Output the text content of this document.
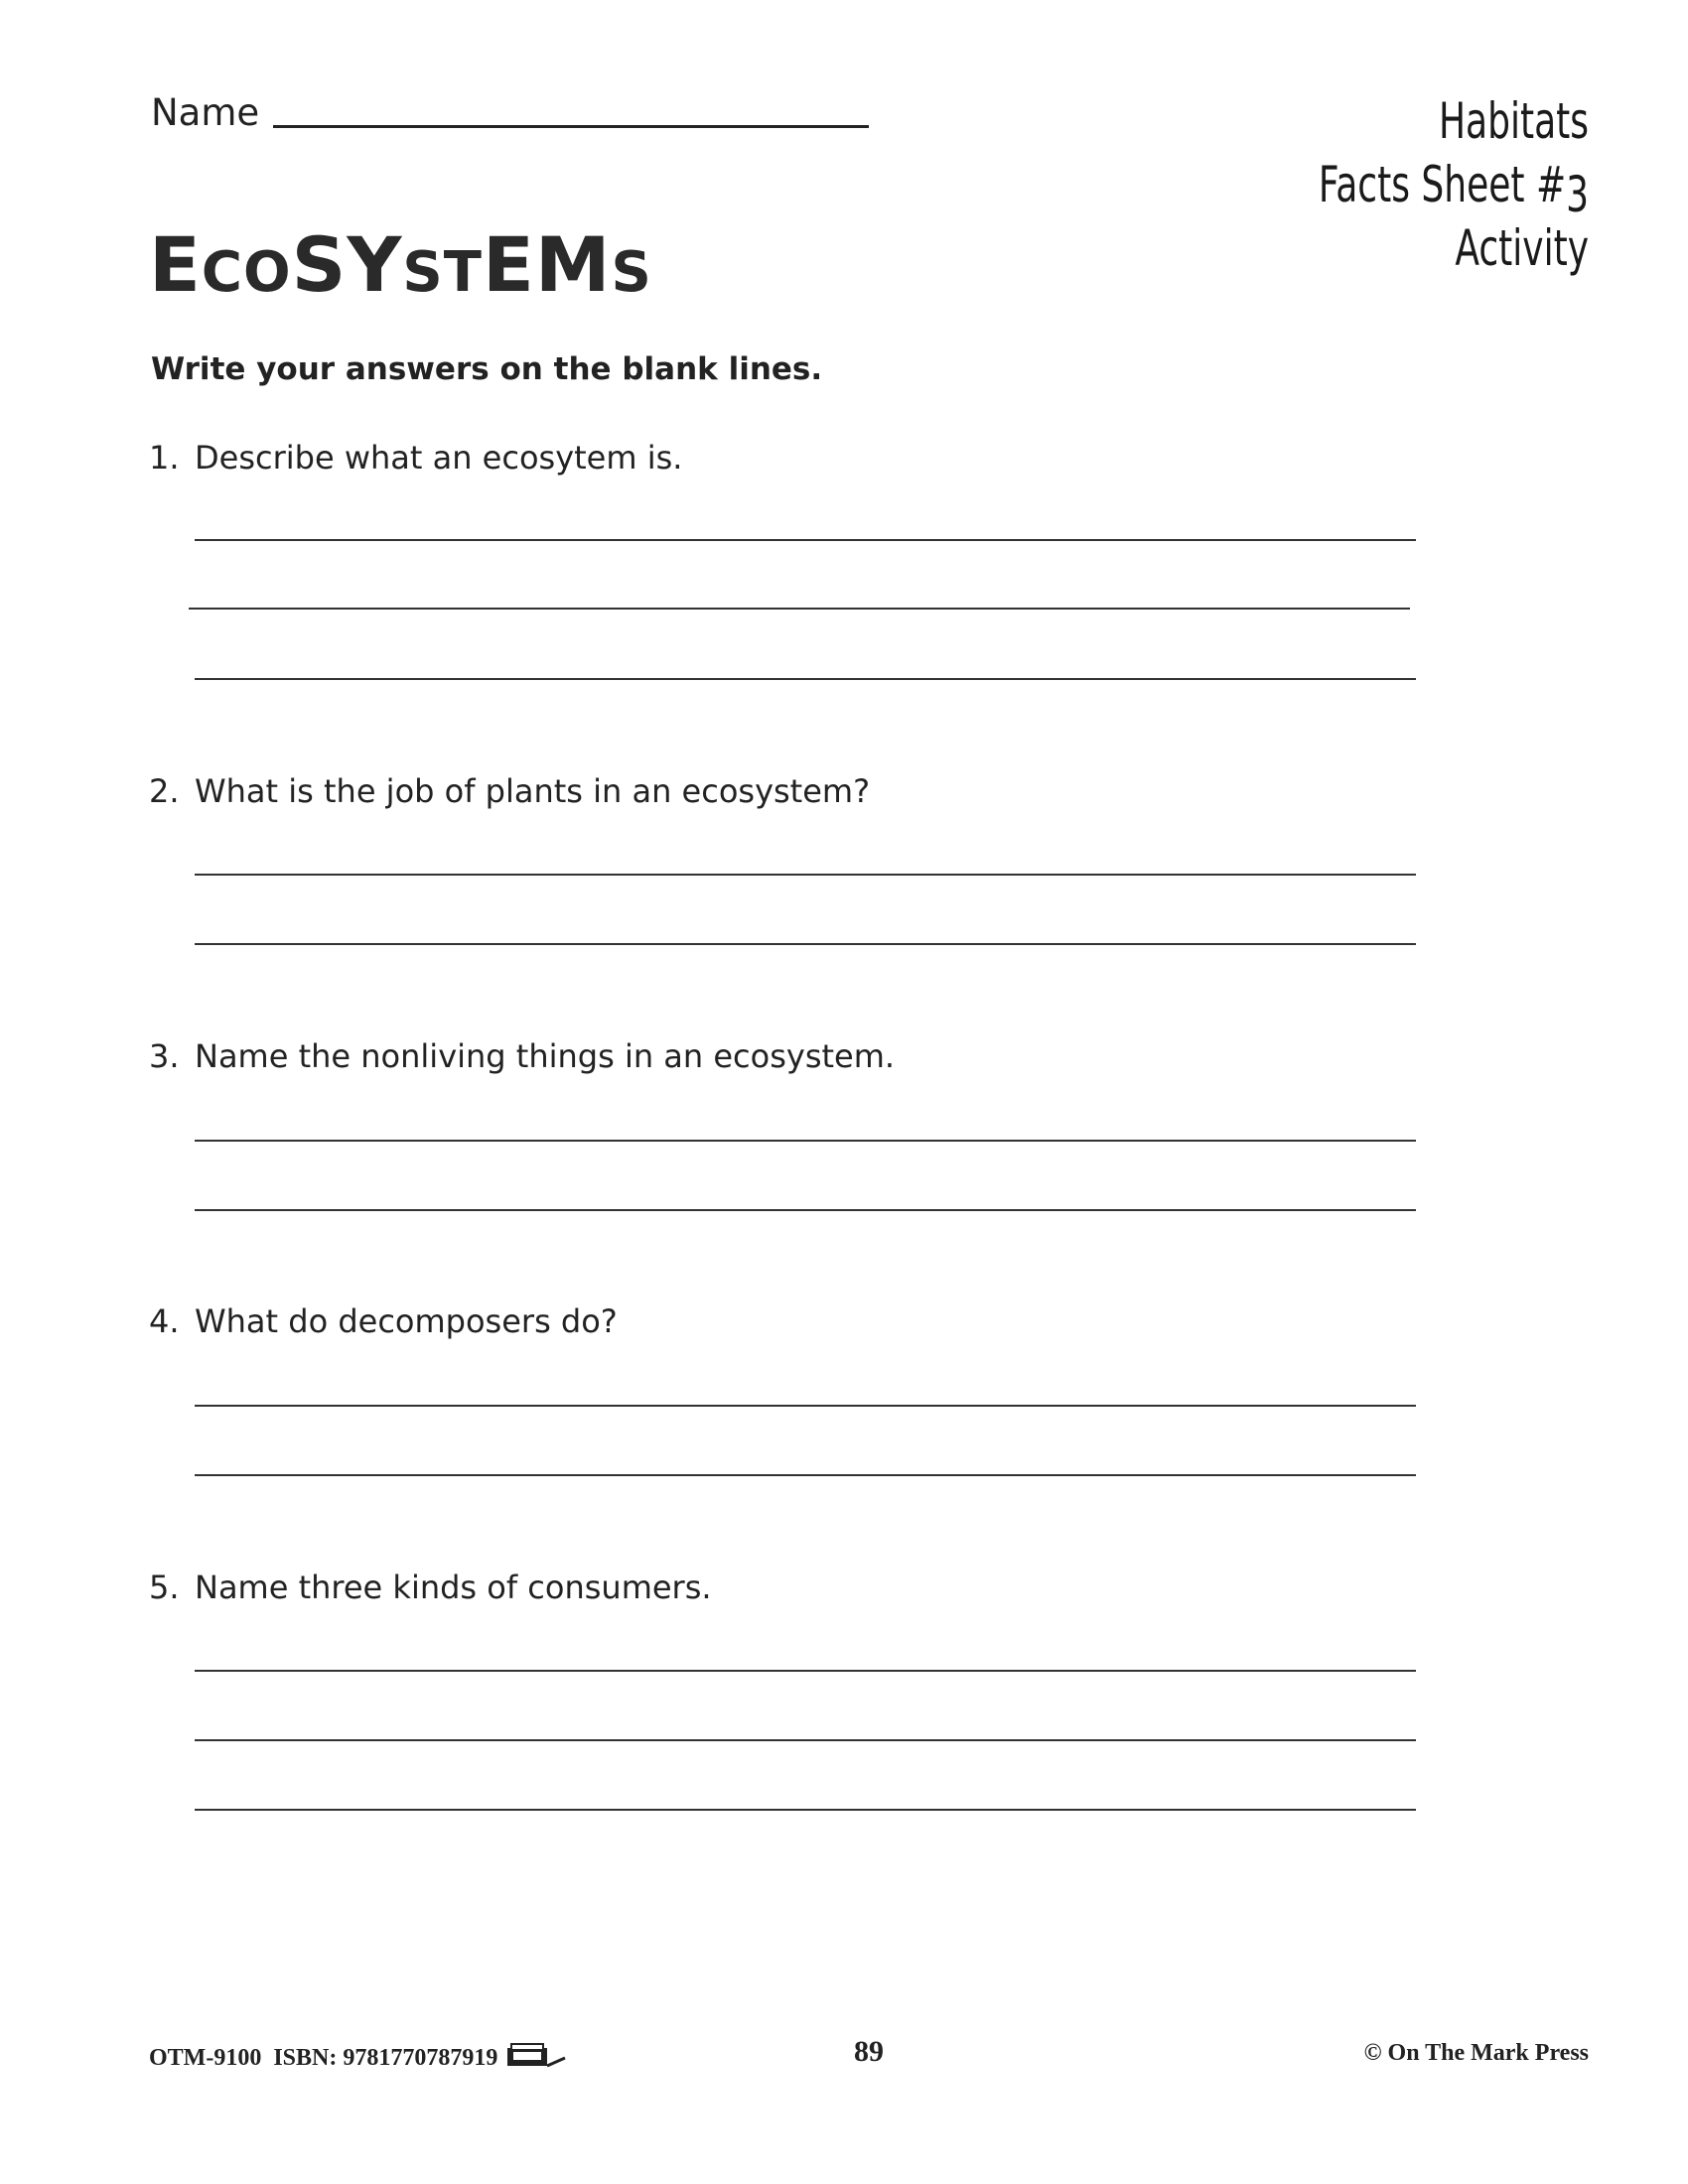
Name	Habitats
Facts Sheet #3
Activity
ECOSYSTEMS
Write your answers on the blank lines.
1. Describe what an ecosytem is.
2. What is the job of plants in an ecosystem?
3. Name the nonliving things in an ecosystem.
4. What do decomposers do?
5. Name three kinds of consumers.
OTM-9100
ISBN: 9781770787919	89	© On The Mark Press
